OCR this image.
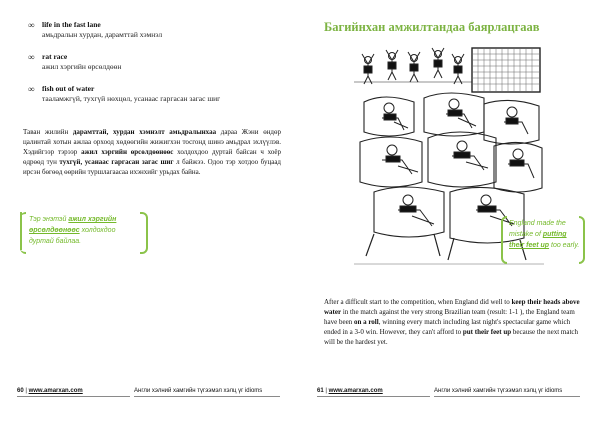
∞	life in the fast lane
амьдралын хурдан, дарамттай хэмнэл
∞	rat race
ажил хэргийн өрсөлдөөн
∞	fish out of water
тааламжгүй, тухгүй нөхцөл, усанаас гаргасан загас шиг

Таван жилийн дарамттай, хурдан хэмнэлт амьдралынхаа дараа Жэни өндөр цалинтай хотын ажлаа орхоод хөдөөгийн жижигхэн тосгонд шинэ амьдрал эхлүүлэв. Хэдийгээр тэрээр ажил хэргийн өрсөлдөөнөөс холдохдоо дуртай байсан ч хоёр өдрөөд тун тухгүй, усанаас гаргасан загас шиг л байжээ. Одоо тэр хотдоо буцаад ирсэн бөгөөд өөрийн туршлагаасаа ихэнхийг урьдах байна.

Тэр энэтэй ажил хэргийн өрсөлдөөнөөс холдохдоо дуртай байлаа.
60 | www.amarxan.com	Англи хэлний хамгийн түгээмэл хэлц үг idioms
Багийнхан амжилтандаа баярлацгаав

After a difficult start to the competition, when England did well to keep their heads above water in the match against the very strong Brazilian team (result: 1-1 ), the England team have been on a roll, winning every match including last night's spectacular game which ended in a 3-0 win. However, they can't afford to put their feet up because the next match will be the hardest yet.

61 | www.amarxan.com	Англи хэлний хамгийн түгээмэл хэлц үг idioms
England made the mistake of putting their feet up too early.
